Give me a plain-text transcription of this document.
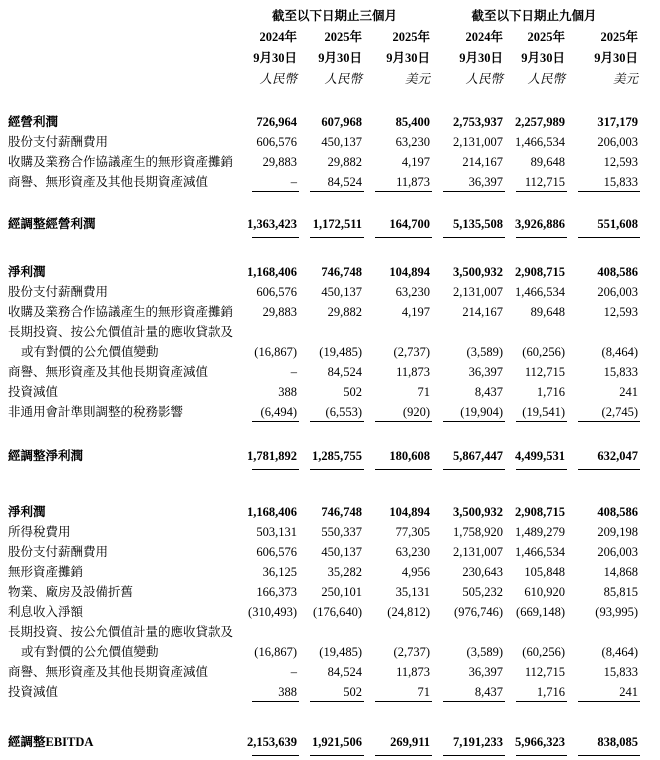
截至以下日期止三個月	截至以下日期止九個月
2024年	2025年	2025年	2024年	2025年	2025年
9月30日	9月30日	9月30日	9月30日	9月30日	9月30日
人民幣	人民幣	美元	人民幣	人民幣	美元
經營利潤	726,964	607,968	85,400	2,753,937 2,257,989	317,179
股份支付薪酬費用	606,576	450,137	63,230	2,131,007 1,466,534	206,003
收購及業務合作協議產生的無形資產攤銷	29,883	29,882	4,197	214,167	89,648	12,593
商譽、無形資產及其他長期資產減值	–	84,524	11,873	36,397	112,715	15,833
經調整經營利潤	1,363,423	1,172,511	164,700	5,135,508 3,926,886	551,608
淨利潤	1,168,406	746,748	104,894	3,500,932 2,908,715	408,586
股份支付薪酬費用	606,576	450,137	63,230	2,131,007 1,466,534	206,003
收購及業務合作協議產生的無形資產攤銷	29,883	29,882	4,197	214,167	89,648	12,593
長期投資、按公允價值計量的應收貸款及
或有對價的公允價值變動	(16,867)	(19,485)	(2,737)	(3,589)	(60,256)	(8,464)
商譽、無形資產及其他長期資產減值	–	84,524	11,873	36,397	112,715	15,833
投資減值	388	502	71	8,437	1,716	241
非通用會計準則調整的稅務影響	(6,494)	(6,553)	(920)	(19,904)	(19,541)	(2,745)
經調整淨利潤	1,781,892	1,285,755	180,608	5,867,447 4,499,531	632,047
淨利潤	1,168,406	746,748	104,894	3,500,932 2,908,715	408,586
所得稅費用	503,131	550,337	77,305	1,758,920 1,489,279	209,198
股份支付薪酬費用	606,576	450,137	63,230	2,131,007 1,466,534	206,003
無形資產攤銷	36,125	35,282	4,956	230,643	105,848	14,868
物業、廠房及設備折舊	166,373	250,101	35,131	505,232	610,920	85,815
利息收入淨額	(310,493)	(176,640)	(24,812)	(976,746)	(669,148)	(93,995)
長期投資、按公允價值計量的應收貸款及
或有對價的公允價值變動	(16,867)	(19,485)	(2,737)	(3,589)	(60,256)	(8,464)
商譽、無形資產及其他長期資產減值	–	84,524	11,873	36,397	112,715	15,833
投資減值	388	502	71	8,437	1,716	241
經調整EBITDA	2,153,639	1,921,506	269,911	7,191,233 5,966,323	838,085
